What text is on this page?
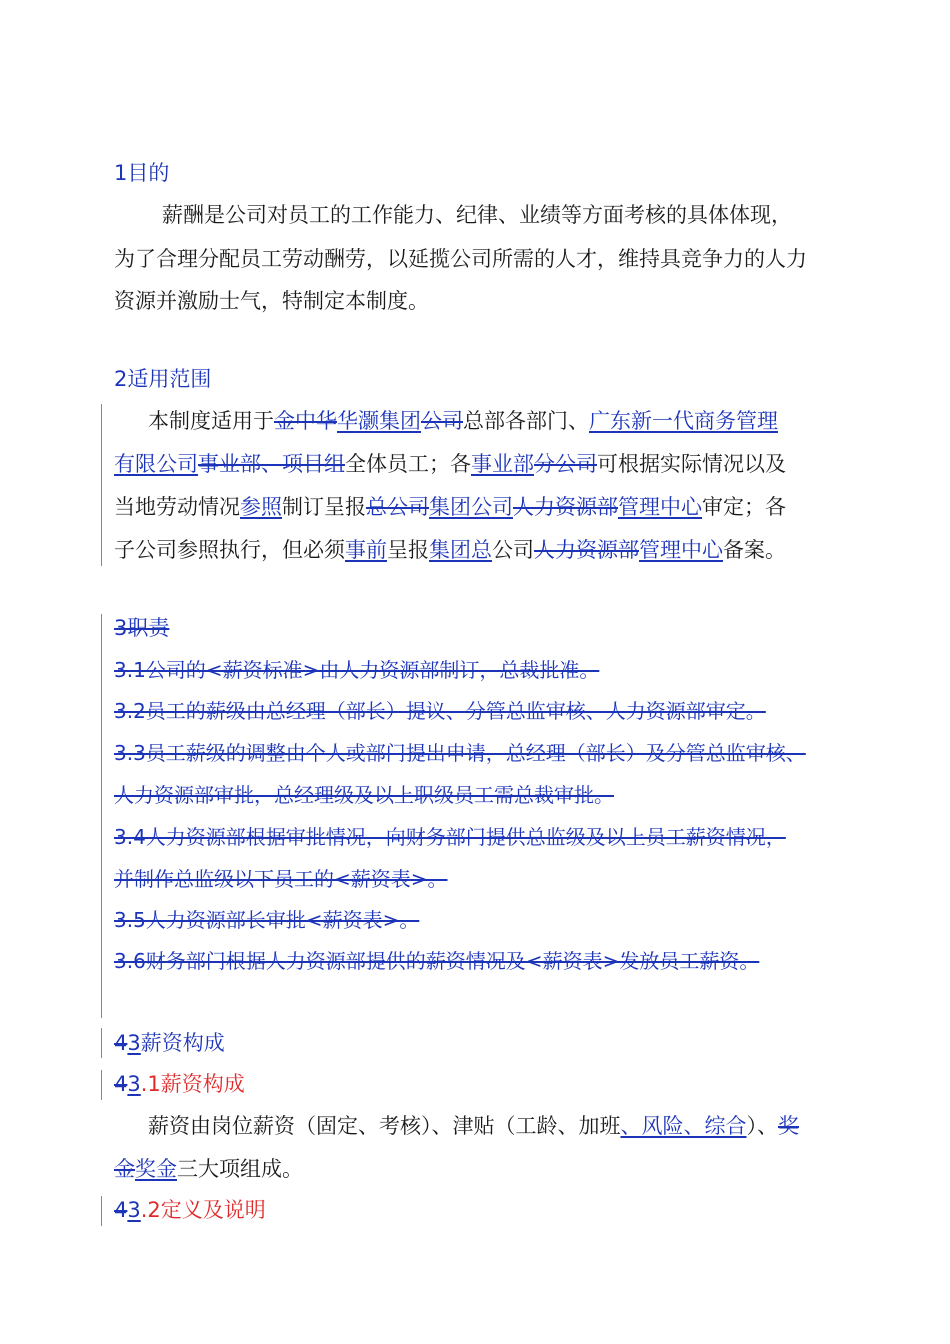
1目的
薪酬是公司对员工的工作能力、纪律、业绩等方面考核的具体体现，
为了合理分配员工劳动酬劳，以延揽公司所需的人才，维持具竞争力的人力
资源并激励士气，特制定本制度。
2适用范围
本制度适用于金中华华灏集团公司总部各部门、广东新一代商务管理
有限公司事业部、项目组全体员工；各事业部分公司可根据实际情况以及
当地劳动情况参照制订呈报总公司集团公司人力资源部管理中心审定；各
子公司参照执行，但必须事前呈报集团总公司人力资源部管理中心备案。
3职责
3.1公司的<薪资标准>由人力资源部制订，总裁批准。
3.2员工的薪级由总经理（部长）提议、分管总监审核、人力资源部审定。
3.3员工薪级的调整由个人或部门提出申请，总经理（部长）及分管总监审核、
人力资源部审批，总经理级及以上职级员工需总裁审批。
3.4人力资源部根据审批情况，向财务部门提供总监级及以上员工薪资情况，
并制作总监级以下员工的<薪资表>。
3.5人力资源部长审批<薪资表>。
3.6财务部门根据人力资源部提供的薪资情况及<薪资表>发放员工薪资。
43薪资构成
43.1薪资构成
薪资由岗位薪资（固定、考核）、津贴（工龄、加班、风险、综合）、奖
金奖金三大项组成。
43.2定义及说明
